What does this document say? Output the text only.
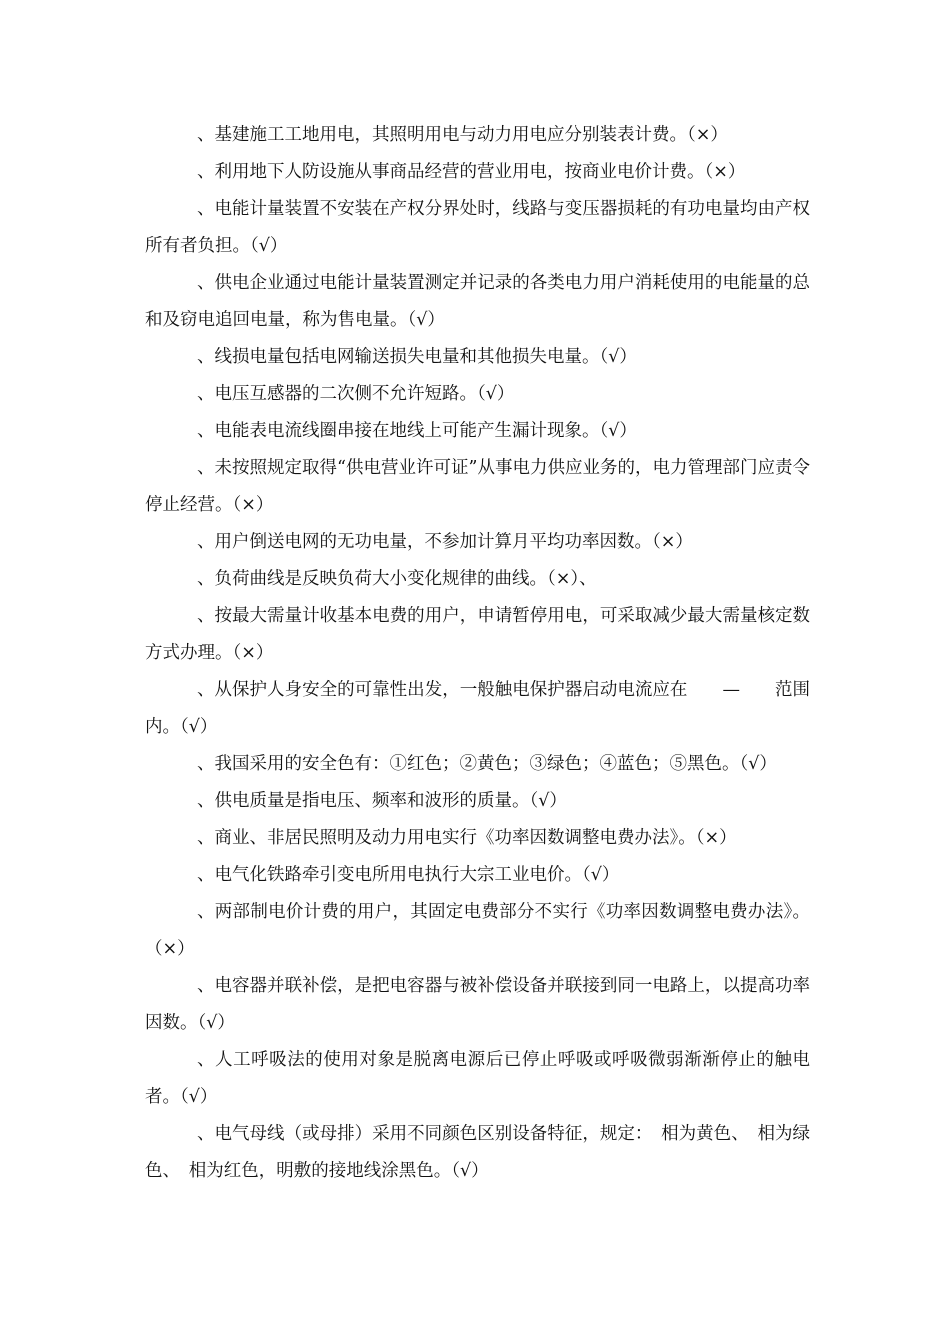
、基建施工工地用电，其照明用电与动力用电应分别装表计费。（×）

、利用地下人防设施从事商品经营的营业用电，按商业电价计费。（×）

、电能计量装置不安装在产权分界处时，线路与变压器损耗的有功电量均由产权所有者负担。（√）

、供电企业通过电能计量装置测定并记录的各类电力用户消耗使用的电能量的总和及窃电追回电量，称为售电量。（√）

、线损电量包括电网输送损失电量和其他损失电量。（√）

、电压互感器的二次侧不允许短路。（√）

、电能表电流线圈串接在地线上可能产生漏计现象。（√）

、未按照规定取得“供电营业许可证”从事电力供应业务的，电力管理部门应责令停止经营。（×）

、用户倒送电网的无功电量，不参加计算月平均功率因数。（×）

、负荷曲线是反映负荷大小变化规律的曲线。（×）、

、按最大需量计收基本电费的用户，申请暂停用电，可采取减少最大需量核定数方式办理。（×）

、从保护人身安全的可靠性出发，一般触电保护器启动电流应在　　—　　范围内。（√）

、我国采用的安全色有：①红色；②黄色；③绿色；④蓝色；⑤黑色。（√）

、供电质量是指电压、频率和波形的质量。（√）

、商业、非居民照明及动力用电实行《功率因数调整电费办法》。（×）

、电气化铁路牵引变电所用电执行大宗工业电价。（√）

、两部制电价计费的用户，其固定电费部分不实行《功率因数调整电费办法》。（×）

、电容器并联补偿，是把电容器与被补偿设备并联接到同一电路上，以提高功率因数。（√）

、人工呼吸法的使用对象是脱离电源后已停止呼吸或呼吸微弱渐渐停止的触电者。（√）

、电气母线（或母排）采用不同颜色区别设备特征，规定：　相为黄色、　相为绿色、　相为红色，明敷的接地线涂黑色。（√）
